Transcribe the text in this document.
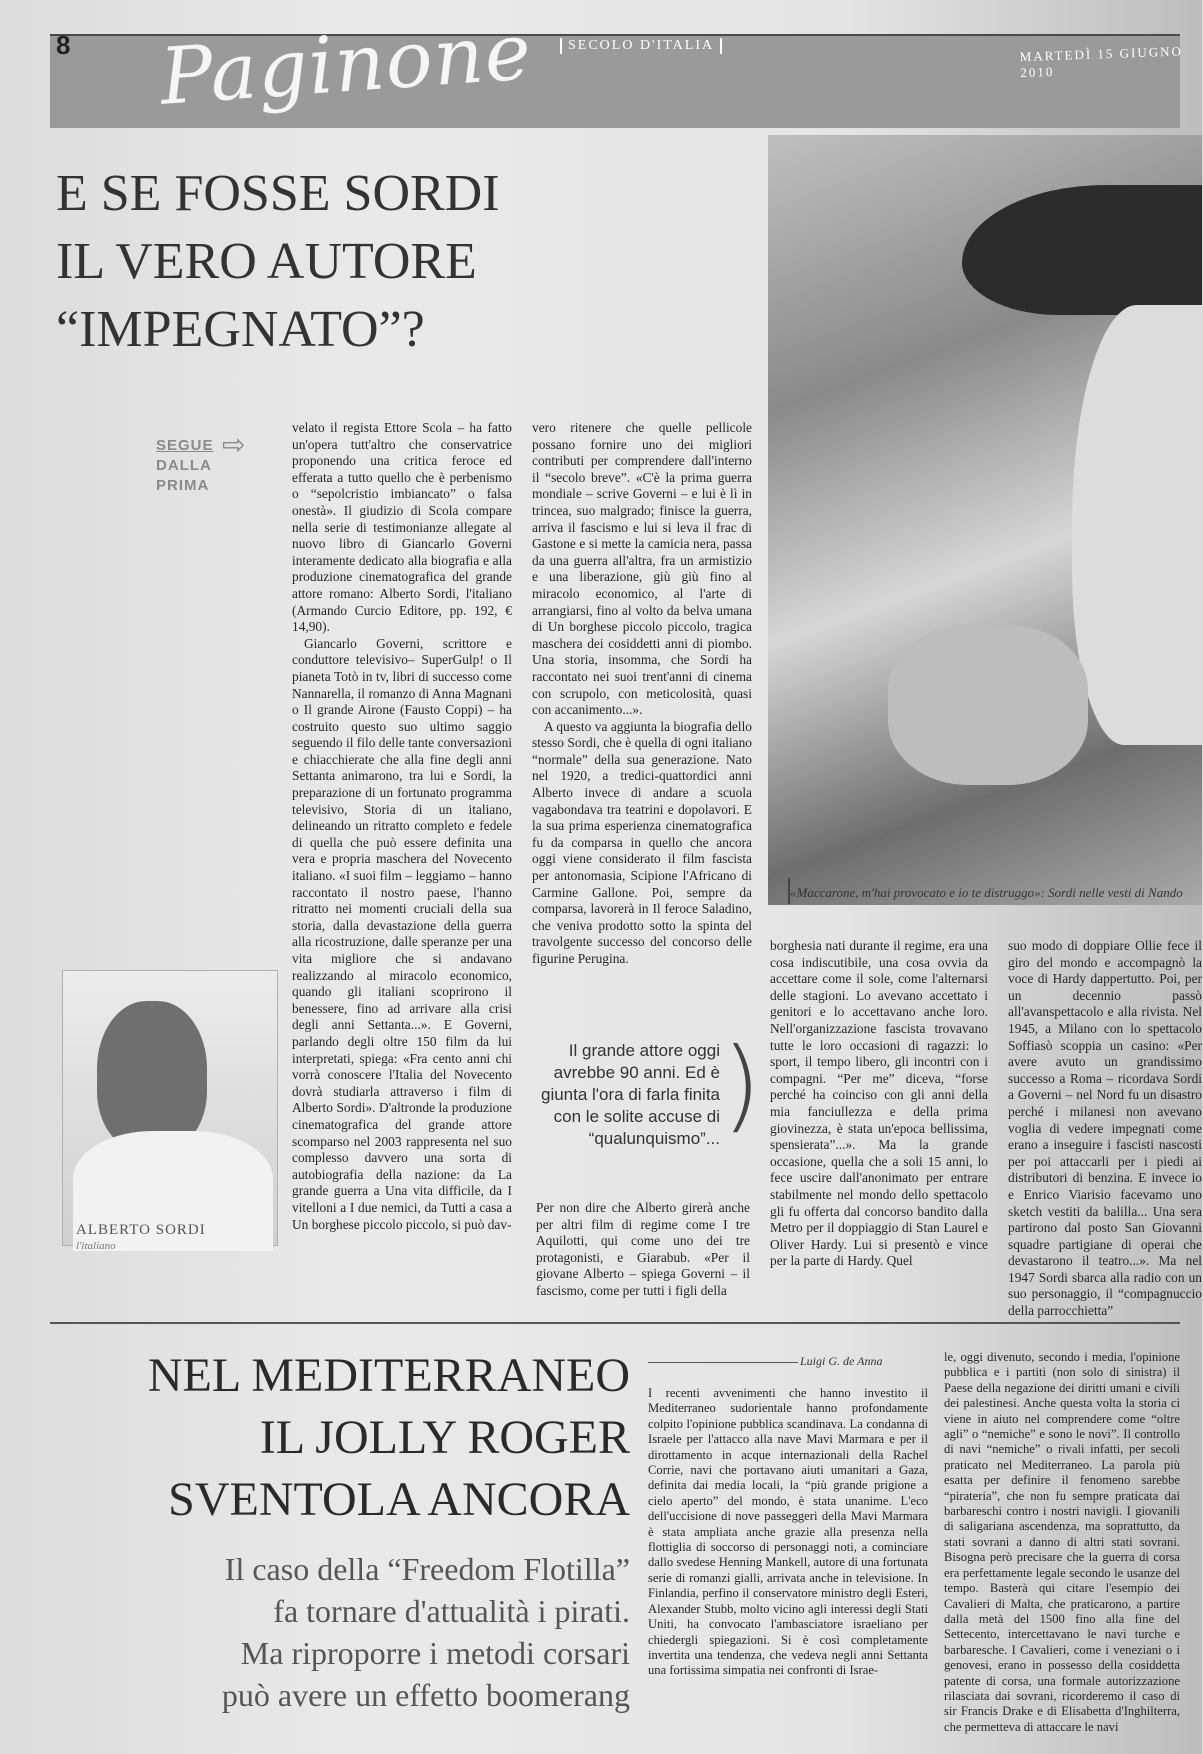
8 Paginone	SECOLO D'ITALIA	MARTEDÌ 15 GIUGNO 2010
E SE FOSSE SORDI
IL VERO AUTORE
“IMPEGNATO”?
«Maccarone, m'hai provocato e io te distruggo»: Sordi nelle vesti di Nando
SEGUE
DALLA
PRIMA
⇨

velato il regista Ettore Scola – ha fatto un'opera tutt'altro che conservatrice proponendo una critica feroce ed efferata a tutto quello che è perbenismo o “sepolcristio imbiancato” o falsa onestà». Il giudizio di Scola compare nella serie di testimonianze allegate al nuovo libro di Giancarlo Governi interamente dedicato alla biografia e alla produzione cinematografica del grande attore romano: Alberto Sordi, l'italiano (Armando Curcio Editore, pp. 192, € 14,90).

Giancarlo Governi, scrittore e conduttore televisivo– SuperGulp! o Il pianeta Totò in tv, libri di successo come Nannarella, il romanzo di Anna Magnani o Il grande Airone (Fausto Coppi) – ha costruito questo suo ultimo saggio seguendo il filo delle tante conversazioni e chiacchierate che alla fine degli anni Settanta animarono, tra lui e Sordi, la preparazione di un fortunato programma televisivo, Storia di un italiano, delineando un ritratto completo e fedele di quella che può essere definita una vera e propria maschera del Novecento italiano. «I suoi film – leggiamo – hanno raccontato il nostro paese, l'hanno ritratto nei momenti cruciali della sua storia, dalla devastazione della guerra alla ricostruzione, dalle speranze per una vita migliore che si andavano realizzando al miracolo economico, quando gli italiani scoprirono il benessere, fino ad arrivare alla crisi degli anni Settanta...». E Governi, parlando degli oltre 150 film da lui interpretati, spiega: «Fra cento anni chi vorrà conoscere l'Italia del Novecento dovrà studiarla attraverso i film di Alberto Sordi». D'altronde la produzione cinematografica del grande attore scomparso nel 2003 rappresenta nel suo complesso davvero una sorta di autobiografia della nazione: da La grande guerra a Una vita difficile, da I vitelloni a I due nemici, da Tutti a casa a Un borghese piccolo piccolo, si può dav-

vero ritenere che quelle pellicole possano fornire uno dei migliori contributi per comprendere dall'interno il “secolo breve”. «C'è la prima guerra mondiale – scrive Governi – e lui è lì in trincea, suo malgrado; finisce la guerra, arriva il fascismo e lui si leva il frac di Gastone e si mette la camicia nera, passa da una guerra all'altra, fra un armistizio e una liberazione, giù giù fino al miracolo economico, al l'arte di arrangiarsi, fino al volto da belva umana di Un borghese piccolo piccolo, tragica maschera dei cosiddetti anni di piombo. Una storia, insomma, che Sordi ha raccontato nei suoi trent'anni di cinema con scrupolo, con meticolosità, quasi con accanimento...».

A questo va aggiunta la biografia dello stesso Sordi, che è quella di ogni italiano “normale” della sua generazione. Nato nel 1920, a tredici-quattordici anni Alberto invece di andare a scuola vagabondava tra teatrini e dopolavori. E la sua prima esperienza cinematografica fu da comparsa in quello che ancora oggi viene considerato il film fascista per antonomasia, Scipione l'Africano di Carmine Gallone. Poi, sempre da comparsa, lavorerà in Il feroce Saladino, che veniva prodotto sotto la spinta del travolgente successo del concorso delle figurine Perugina.

Il grande attore oggi avrebbe 90 anni. Ed è giunta l'ora di farla finita con le solite accuse di “qualunquismo”... )

Per non dire che Alberto girerà anche per altri film di regime come I tre Aquilotti, qui come uno dei tre protagonisti, e Giarabub. «Per il giovane Alberto – spiega Governi – il fascismo, come per tutti i figli della

borghesia nati durante il regime, era una cosa indiscutibile, una cosa ovvia da accettare come il sole, come l'alternarsi delle stagioni. Lo avevano accettato i genitori e lo accettavano anche loro. Nell'organizzazione fascista trovavano tutte le loro occasioni di ragazzi: lo sport, il tempo libero, gli incontri con i compagni. “Per me” diceva, “forse perché ha coinciso con gli anni della mia fanciullezza e della prima giovinezza, è stata un'epoca bellissima, spensierata”...». Ma la grande occasione, quella che a soli 15 anni, lo fece uscire dall'anonimato per entrare stabilmente nel mondo dello spettacolo gli fu offerta dal concorso bandito dalla Metro per il doppiaggio di Stan Laurel e Oliver Hardy. Lui si presentò e vince per la parte di Hardy. Quel

suo modo di doppiare Ollie fece il giro del mondo e accompagnò la voce di Hardy dappertutto. Poi, per un decennio passò all'avanspettacolo e alla rivista. Nel 1945, a Milano con lo spettacolo Soffiasò scoppia un casino: «Per avere avuto un grandissimo successo a Roma – ricordava Sordi a Governi – nel Nord fu un disastro perché i milanesi non avevano voglia di vedere impegnati come erano a inseguire i fascisti nascosti per poi attaccarli per i piedi ai distributori di benzina. E invece io e Enrico Viarisio facevamo uno sketch vestiti da balilla... Una sera partirono dal posto San Giovanni squadre partigiane di operai che devastarono il teatro...». Ma nel 1947 Sordi sbarca alla radio con un suo personaggio, il “compagnuccio della parrocchietta”

ALBERTO SORDI
l'italiano
NEL MEDITERRANEO
IL JOLLY ROGER
SVENTOLA ANCORA
Il caso della “Freedom Flotilla”
fa tornare d'attualità i pirati.
Ma riproporre i metodi corsari
può avere un effetto boomerang
Luigi G. de Anna

I recenti avvenimenti che hanno investito il Mediterraneo sudorientale hanno profondamente colpito l'opinione pubblica scandinava. La condanna di Israele per l'attacco alla nave Mavi Marmara e per il dirottamento in acque internazionali della Rachel Corrie, navi che portavano aiuti umanitari a Gaza, definita dai media locali, la “più grande prigione a cielo aperto” del mondo, è stata unanime. L'eco dell'uccisione di nove passeggeri della Mavi Marmara è stata ampliata anche grazie alla presenza nella flottiglia di soccorso di personaggi noti, a cominciare dallo svedese Henning Mankell, autore di una fortunata serie di romanzi gialli, arrivata anche in televisione. In Finlandia, perfino il conservatore ministro degli Esteri, Alexander Stubb, molto vicino agli interessi degli Stati Uniti, ha convocato l'ambasciatore israeliano per chiedergli spiegazioni. Si è così completamente invertita una tendenza, che vedeva negli anni Settanta una fortissima simpatia nei confronti di Israe-

le, oggi divenuto, secondo i media, l'opinione pubblica e i partiti (non solo di sinistra) il Paese della negazione dei diritti umani e civili dei palestinesi. Anche questa volta la storia ci viene in aiuto nel comprendere come “oltre agli” o “nemiche” e sono le novi”. Il controllo di navi “nemiche” o rivali infatti, per secoli praticato nel Mediterraneo. La parola più esatta per definire il fenomeno sarebbe “pirateria”, che non fu sempre praticata dai barbareschi contro i nostri navigli. I giovanili di saligariana ascendenza, ma soprattutto, da stati sovrani a danno di altri stati sovrani. Bisogna però precisare che la guerra di corsa era perfettamente legale secondo le usanze del tempo. Basterà qui citare l'esempio dei Cavalieri di Malta, che praticarono, a partire dalla metà del 1500 fino alla fine del Settecento, intercettavano le navi turche e barbaresche. I Cavalieri, come i veneziani o i genovesi, erano in possesso della cosiddetta patente di corsa, una formale autorizzazione rilasciata dai sovrani, ricorderemo il caso di sir Francis Drake e di Elisabetta d'Inghilterra, che permetteva di attaccare le navi
